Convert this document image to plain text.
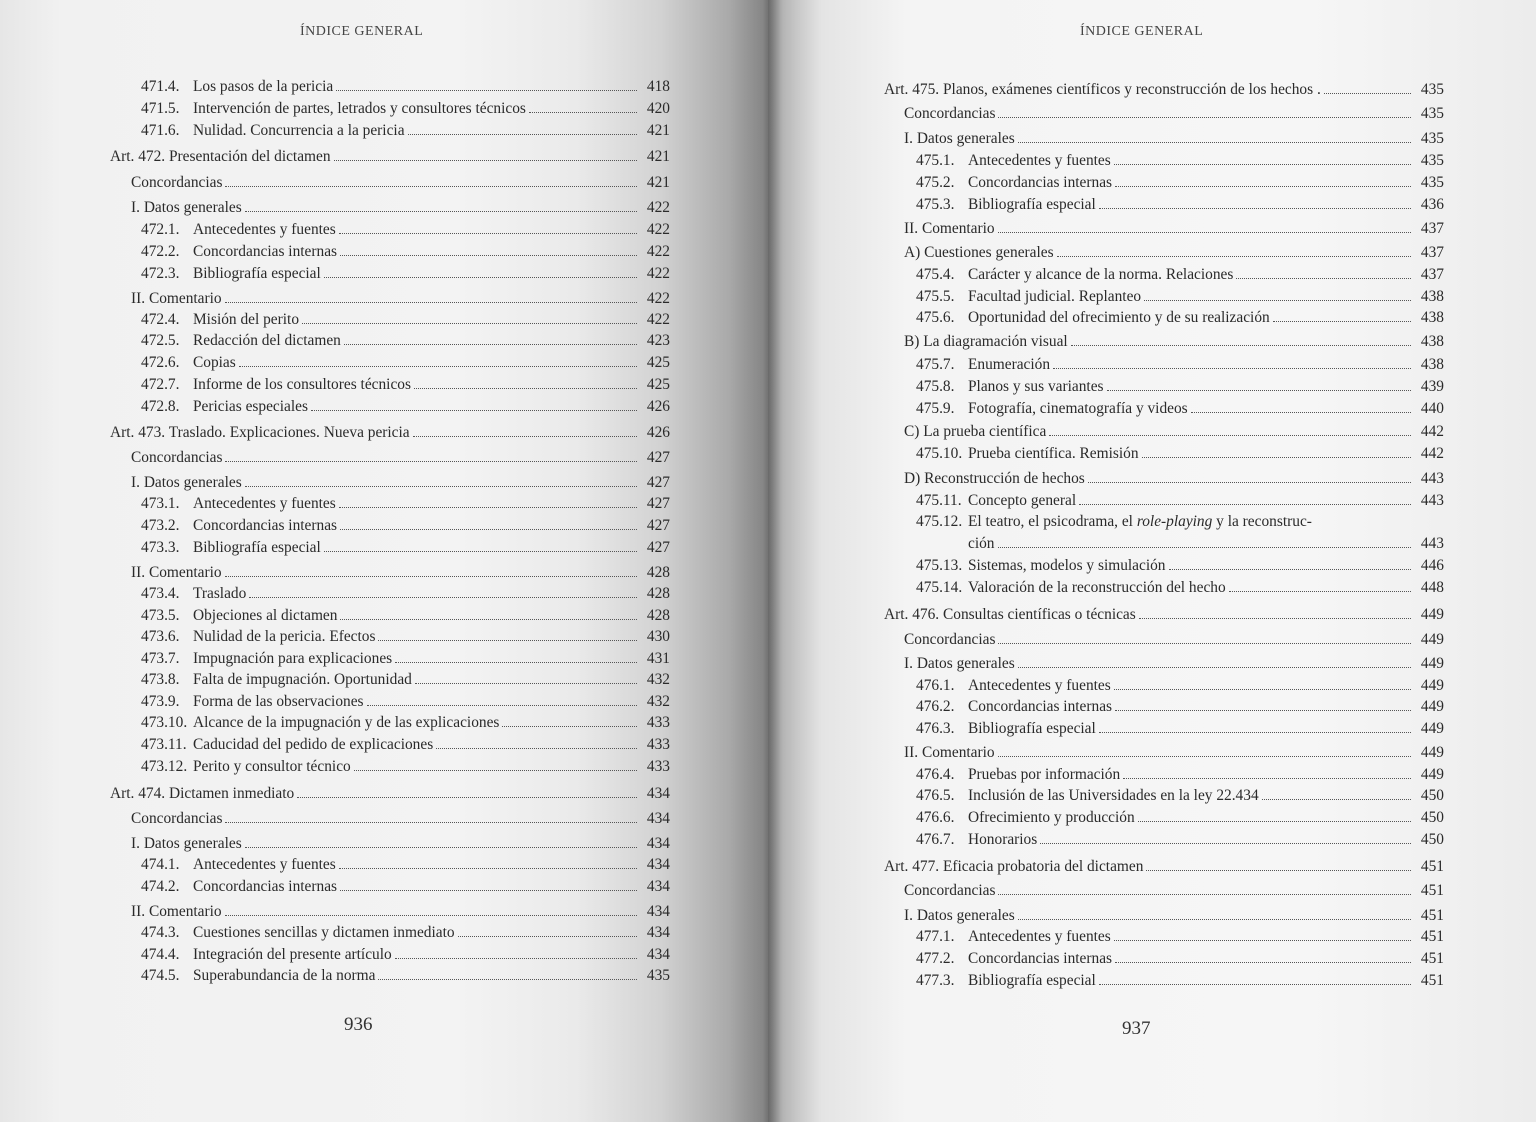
ÍNDICE GENERAL
471.4. Los pasos de la pericia	418
471.5. Intervención de partes, letrados y consultores técnicos	420
471.6. Nulidad. Concurrencia a la pericia	421
Art. 472. Presentación del dictamen	421
Concordancias	421
I. Datos generales	422
472.1. Antecedentes y fuentes	422
472.2. Concordancias internas	422
472.3. Bibliografía especial	422
II. Comentario	422
472.4. Misión del perito	422
472.5. Redacción del dictamen	423
472.6. Copias	425
472.7. Informe de los consultores técnicos	425
472.8. Pericias especiales	426
Art. 473. Traslado. Explicaciones. Nueva pericia	426
Concordancias	427
I. Datos generales	427
473.1. Antecedentes y fuentes	427
473.2. Concordancias internas	427
473.3. Bibliografía especial	427
II. Comentario	428
473.4. Traslado	428
473.5. Objeciones al dictamen	428
473.6. Nulidad de la pericia. Efectos	430
473.7. Impugnación para explicaciones	431
473.8. Falta de impugnación. Oportunidad	432
473.9. Forma de las observaciones	432
473.10. Alcance de la impugnación y de las explicaciones	433
473.11. Caducidad del pedido de explicaciones	433
473.12. Perito y consultor técnico	433
Art. 474. Dictamen inmediato	434
Concordancias	434
I. Datos generales	434
474.1. Antecedentes y fuentes	434
474.2. Concordancias internas	434
II. Comentario	434
474.3. Cuestiones sencillas y dictamen inmediato	434
474.4. Integración del presente artículo	434
474.5. Superabundancia de la norma	435
936
ÍNDICE GENERAL
Art. 475. Planos, exámenes científicos y reconstrucción de los hechos .	435
Concordancias	435
I. Datos generales	435
475.1. Antecedentes y fuentes	435
475.2. Concordancias internas	435
475.3. Bibliografía especial	436
II. Comentario	437
A) Cuestiones generales	437
475.4. Carácter y alcance de la norma. Relaciones	437
475.5. Facultad judicial. Replanteo	438
475.6. Oportunidad del ofrecimiento y de su realización	438
B) La diagramación visual	438
475.7. Enumeración	438
475.8. Planos y sus variantes	439
475.9. Fotografía, cinematografía y videos	440
C) La prueba científica	442
475.10. Prueba científica. Remisión	442
D) Reconstrucción de hechos	443
475.11. Concepto general	443
475.12. El teatro, el psicodrama, el role-playing y la reconstruc-
ción	443
475.13. Sistemas, modelos y simulación	446
475.14. Valoración de la reconstrucción del hecho	448
Art. 476. Consultas científicas o técnicas	449
Concordancias	449
I. Datos generales	449
476.1. Antecedentes y fuentes	449
476.2. Concordancias internas	449
476.3. Bibliografía especial	449
II. Comentario	449
476.4. Pruebas por información	449
476.5. Inclusión de las Universidades en la ley 22.434	450
476.6. Ofrecimiento y producción	450
476.7. Honorarios	450
Art. 477. Eficacia probatoria del dictamen	451
Concordancias	451
I. Datos generales	451
477.1. Antecedentes y fuentes	451
477.2. Concordancias internas	451
477.3. Bibliografía especial	451
937
